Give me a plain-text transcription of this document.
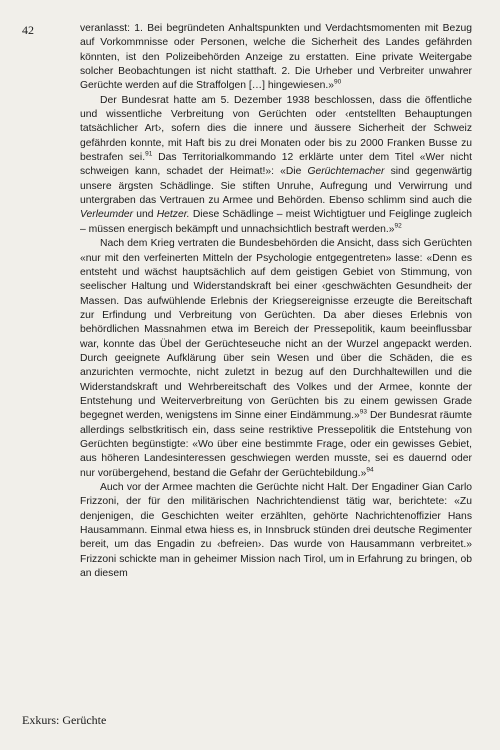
42	veranlasst: 1. Bei begründeten Anhaltspunkten und Verdachtsmomenten mit Bezug auf Vorkommnisse oder Personen, welche die Sicherheit des Landes gefährden könnten, ist den Polizeibehörden Anzeige zu erstatten. Eine private Weitergabe solcher Beobachtungen ist nicht statthaft. 2. Die Urheber und Verbreiter unwahrer Gerüchte werden auf die Straffolgen […] hingewiesen.»$^{90}$

Der Bundesrat hatte am 5. Dezember 1938 beschlossen, dass die öffentliche und wissentliche Verbreitung von Gerüchten oder ‹entstellten Behauptungen tatsächlicher Art›, sofern dies die innere und äussere Sicherheit der Schweiz gefährden konnte, mit Haft bis zu drei Monaten oder bis zu 2000 Franken Busse zu bestrafen sei.$^{91}$ Das Territorialkommando 12 erklärte unter dem Titel «Wer nicht schweigen kann, schadet der Heimat!»: «Die Gerüchtemacher sind gegenwärtig unsere ärgsten Schädlinge. Sie stiften Unruhe, Aufregung und Verwirrung und untergraben das Vertrauen zu Armee und Behörden. Ebenso schlimm sind auch die Verleumder und Hetzer. Diese Schädlinge – meist Wichtigtuer und Feiglinge zugleich – müssen energisch bekämpft und unnachsichtlich bestraft werden.»$^{92}$

Nach dem Krieg vertraten die Bundesbehörden die Ansicht, dass sich Gerüchten «nur mit den verfeinerten Mitteln der Psychologie entgegentreten» lasse: «Denn es entsteht und wächst hauptsächlich auf dem geistigen Gebiet von Stimmung, von seelischer Haltung und Widerstandskraft bei einer ‹geschwächten Gesundheit› der Massen. Das aufwühlende Erlebnis der Kriegsereignisse erzeugte die Bereitschaft zur Erfindung und Verbreitung von Gerüchten. Da aber dieses Erlebnis von behördlichen Massnahmen etwa im Bereich der Pressepolitik, kaum beeinflussbar war, konnte das Übel der Gerüchteseuche nicht an der Wurzel angepackt werden. Durch geeignete Aufklärung über sein Wesen und über die Schäden, die es anzurichten vermochte, nicht zuletzt in bezug auf den Durchhaltewillen und die Widerstandskraft und Wehrbereitschaft des Volkes und der Armee, konnte der Entstehung und Weiterverbreitung von Gerüchten bis zu einem gewissen Grade begegnet werden, wenigstens im Sinne einer Eindämmung.»$^{93}$ Der Bundesrat räumte allerdings selbstkritisch ein, dass seine restriktive Pressepolitik die Entstehung von Gerüchten begünstigte: «Wo über eine bestimmte Frage, oder ein gewisses Gebiet, aus höheren Landesinteressen geschwiegen werden musste, sei es dauernd oder nur vorübergehend, bestand die Gefahr der Gerüchtebildung.»$^{94}$

Auch vor der Armee machten die Gerüchte nicht Halt. Der Engadiner Gian Carlo Frizzoni, der für den militärischen Nachrichtendienst tätig war, berichtete: «Zu denjenigen, die Geschichten weiter erzählten, gehörte Nachrichtenoffizier Hans Hausammann. Einmal etwa hiess es, in Innsbruck stünden drei deutsche Regimenter bereit, um das Engadin zu ‹befreien›. Das wurde von Hausammann verbreitet.» Frizzoni schickte man in geheimer Mission nach Tirol, um in Erfahrung zu bringen, ob an diesem

Exkurs: Gerüchte
